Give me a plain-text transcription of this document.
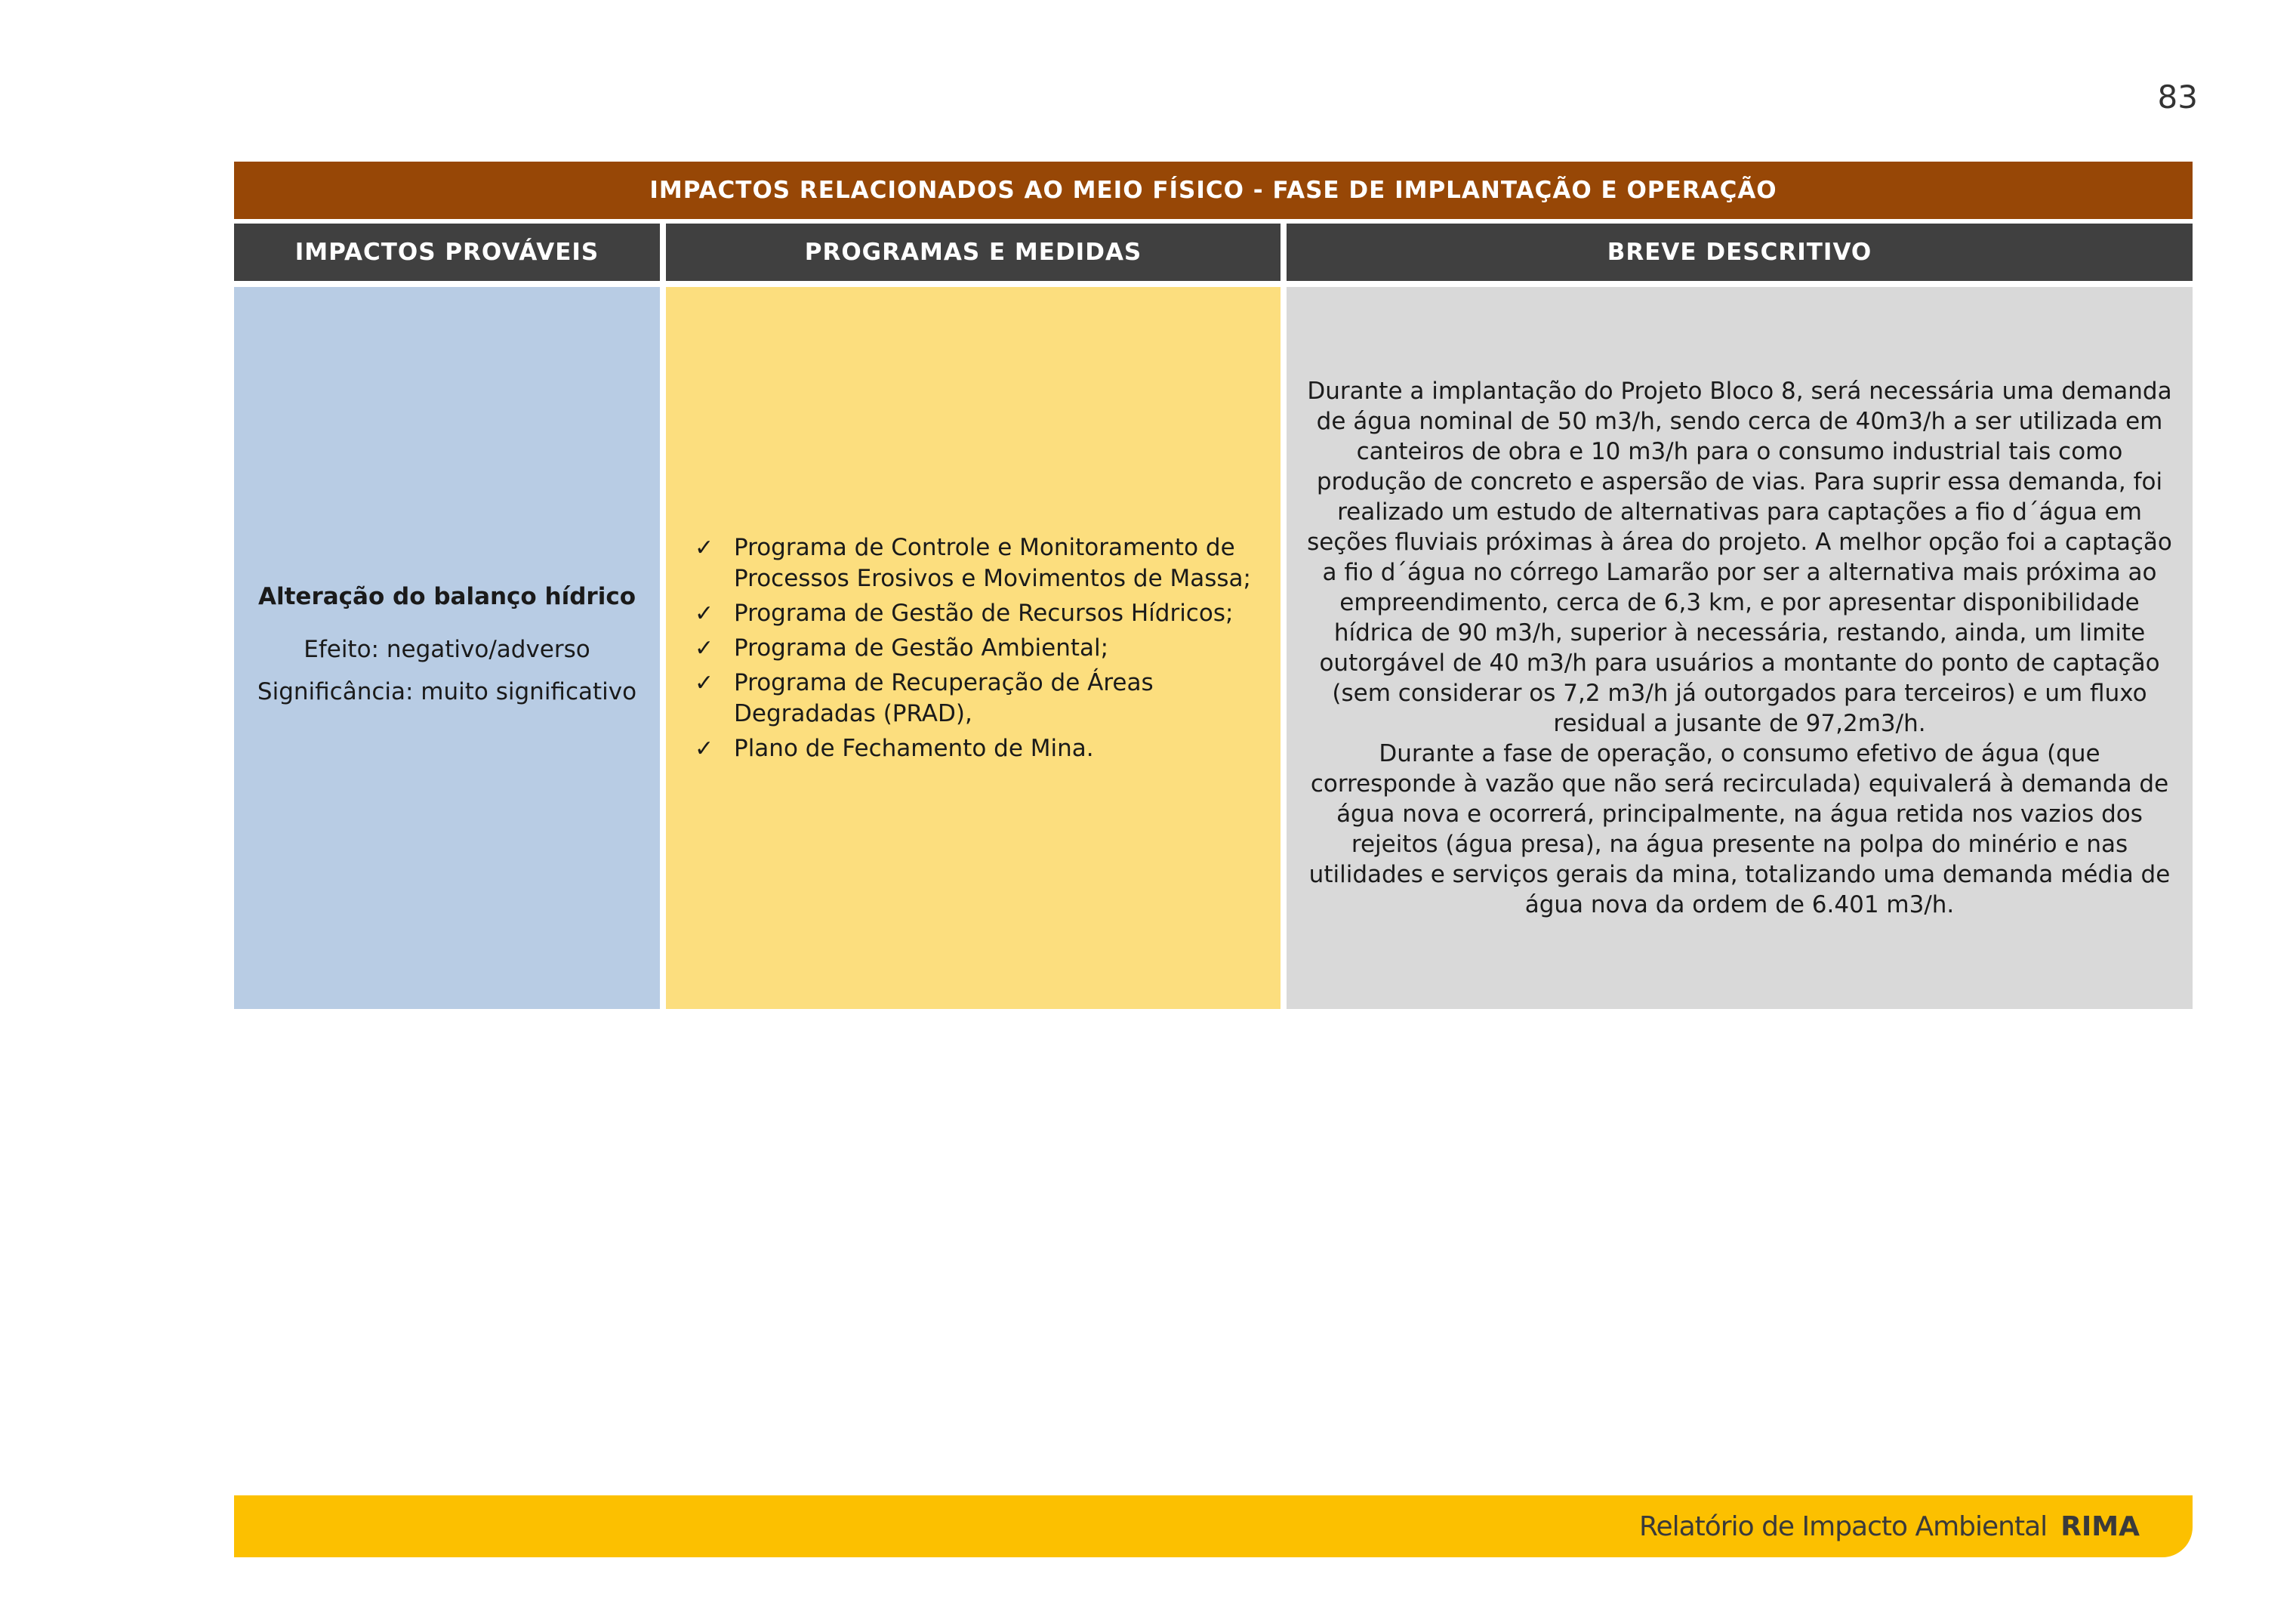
83
IMPACTOS RELACIONADOS AO MEIO FÍSICO - FASE DE IMPLANTAÇÃO E OPERAÇÃO
IMPACTOS PROVÁVEIS	PROGRAMAS E MEDIDAS	BREVE DESCRITIVO
Alteração do balanço hídrico
Efeito: negativo/adverso
Significância: muito significativo
✓ Programa de Controle e Monitoramento de Processos Erosivos e Movimentos de Massa;
✓ Programa de Gestão de Recursos Hídricos;
✓ Programa de Gestão Ambiental;
✓ Programa de Recuperação de Áreas Degradadas (PRAD),
✓ Plano de Fechamento de Mina.

Durante a implantação do Projeto Bloco 8, será necessária uma demanda de água nominal de 50 m3/h, sendo cerca de 40m3/h a ser utilizada em canteiros de obra e 10 m3/h para o consumo industrial tais como produção de concreto e aspersão de vias. Para suprir essa demanda, foi realizado um estudo de alternativas para captações a fio d´água em seções fluviais próximas à área do projeto. A melhor opção foi a captação a fio d´água no córrego Lamarão por ser a alternativa mais próxima ao empreendimento, cerca de 6,3 km, e por apresentar disponibilidade hídrica de 90 m3/h, superior à necessária, restando, ainda, um limite outorgável de 40 m3/h para usuários a montante do ponto de captação (sem considerar os 7,2 m3/h já outorgados para terceiros) e um fluxo residual a jusante de 97,2m3/h.

Durante a fase de operação, o consumo efetivo de água (que corresponde à vazão que não será recirculada) equivalerá à demanda de água nova e ocorrerá, principalmente, na água retida nos vazios dos rejeitos (água presa), na água presente na polpa do minério e nas utilidades e serviços gerais da mina, totalizando uma demanda média de água nova da ordem de 6.401 m3/h.

Relatório de Impacto Ambiental RIMA
